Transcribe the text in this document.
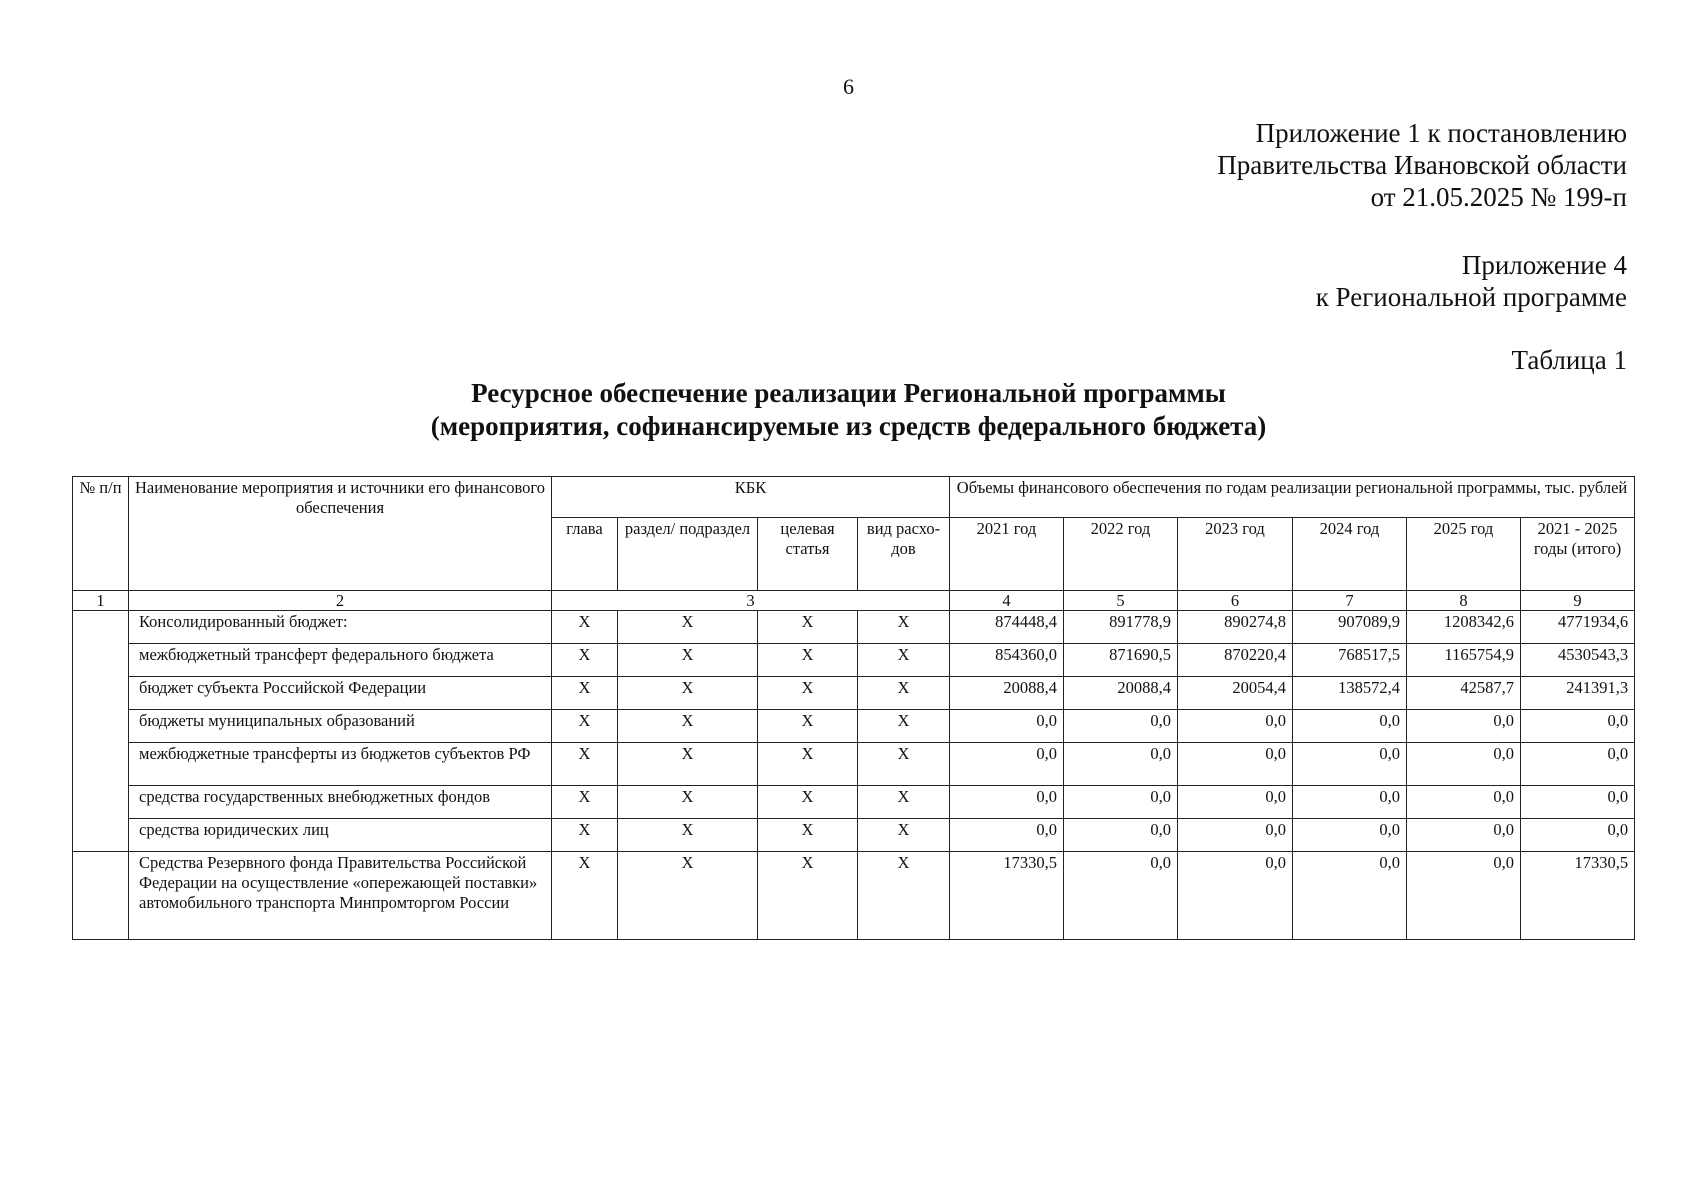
6
Приложение 1 к постановлению
Правительства Ивановской области
от 21.05.2025 № 199-п
Приложение 4
к Региональной программе
Таблица 1
Ресурсное обеспечение реализации Региональной программы
(мероприятия, софинансируемые из средств федерального бюджета)
№ п/п	Наименование мероприятия и источники его финансового обеспечения	КБК				Объемы финансового обеспечения по годам реализации региональной программы, тыс. рублей					
		глава	раздел/ подраздел	целевая статья	вид расхо- дов	2021 год	2022 год	2023 год	2024 год	2025 год	2021 - 2025 годы (итого)
1	2	3				4	5	6	7	8	9
	Консолидированный бюджет:	Х	Х	Х	Х	874448,4	891778,9	890274,8	907089,9	1208342,6	4771934,6
	межбюджетный трансферт федерального бюджета	Х	Х	Х	Х	854360,0	871690,5	870220,4	768517,5	1165754,9	4530543,3
	бюджет субъекта Российской Федерации	Х	Х	Х	Х	20088,4	20088,4	20054,4	138572,4	42587,7	241391,3
	бюджеты муниципальных образований	Х	Х	Х	Х	0,0	0,0	0,0	0,0	0,0	0,0
	межбюджетные трансферты из бюджетов субъектов РФ	Х	Х	Х	Х	0,0	0,0	0,0	0,0	0,0	0,0
	средства государственных внебюджетных фондов	Х	Х	Х	Х	0,0	0,0	0,0	0,0	0,0	0,0
	средства юридических лиц	Х	Х	Х	Х	0,0	0,0	0,0	0,0	0,0	0,0
	Средства Резервного фонда Правительства Российской Федерации на осуществление «опережающей поставки» автомобильного транспорта Минпромторгом России	Х	Х	Х	Х	17330,5	0,0	0,0	0,0	0,0	17330,5
